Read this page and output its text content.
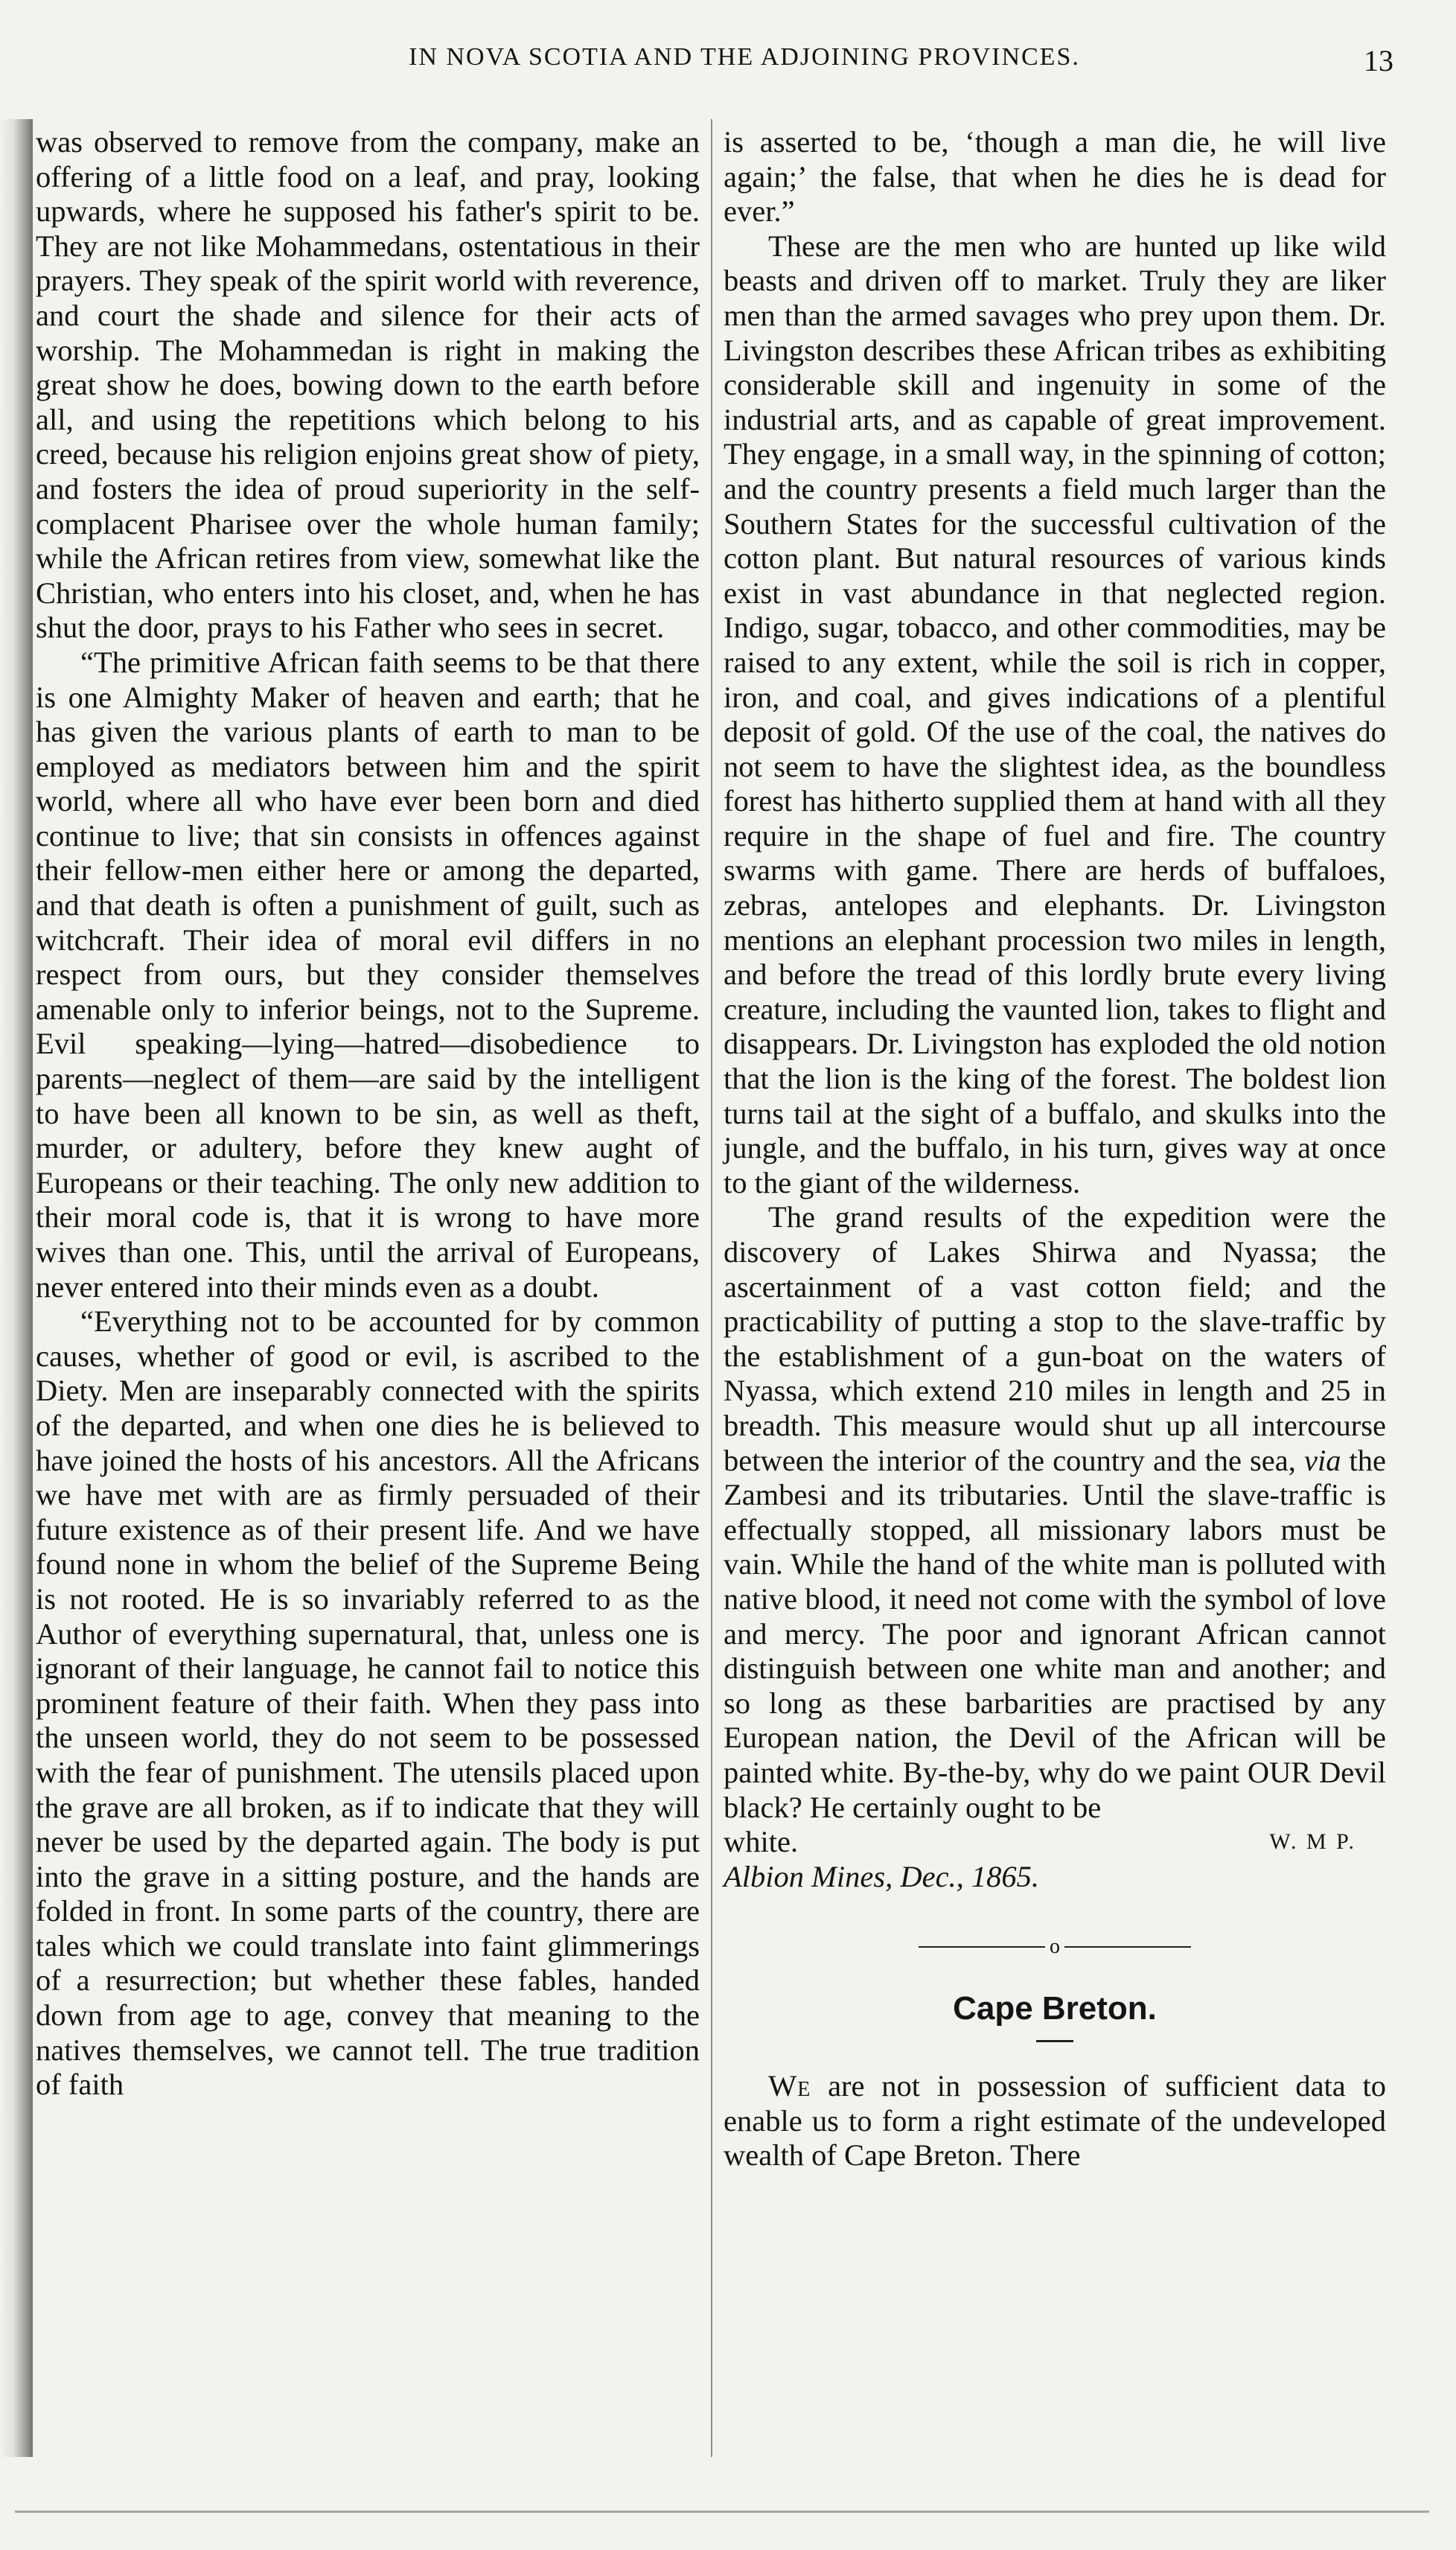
IN NOVA SCOTIA AND THE ADJOINING PROVINCES.	13

was observed to remove from the company, make an offering of a little food on a leaf, and pray, looking upwards, where he supposed his father's spirit to be. They are not like Mohammedans, ostentatious in their prayers. They speak of the spirit world with reverence, and court the shade and silence for their acts of worship. The Mohammedan is right in making the great show he does, bowing down to the earth before all, and using the repetitions which belong to his creed, because his religion enjoins great show of piety, and fosters the idea of proud superiority in the self-complacent Pharisee over the whole human family; while the African retires from view, somewhat like the Christian, who enters into his closet, and, when he has shut the door, prays to his Father who sees in secret.

“The primitive African faith seems to be that there is one Almighty Maker of heaven and earth; that he has given the various plants of earth to man to be employed as mediators between him and the spirit world, where all who have ever been born and died continue to live; that sin consists in offences against their fellow-men either here or among the departed, and that death is often a punishment of guilt, such as witchcraft. Their idea of moral evil differs in no respect from ours, but they consider themselves amenable only to inferior beings, not to the Supreme. Evil speaking—lying—hatred—disobedience to parents—neglect of them—are said by the intelligent to have been all known to be sin, as well as theft, murder, or adultery, before they knew aught of Europeans or their teaching. The only new addition to their moral code is, that it is wrong to have more wives than one. This, until the arrival of Europeans, never entered into their minds even as a doubt.

“Everything not to be accounted for by common causes, whether of good or evil, is ascribed to the Diety. Men are inseparably connected with the spirits of the departed, and when one dies he is believed to have joined the hosts of his ancestors. All the Africans we have met with are as firmly persuaded of their future existence as of their present life. And we have found none in whom the belief of the Supreme Being is not rooted. He is so invariably referred to as the Author of everything supernatural, that, unless one is ignorant of their language, he cannot fail to notice this prominent feature of their faith. When they pass into the unseen world, they do not seem to be possessed with the fear of punishment. The utensils placed upon the grave are all broken, as if to indicate that they will never be used by the departed again. The body is put into the grave in a sitting posture, and the hands are folded in front. In some parts of the country, there are tales which we could translate into faint glimmerings of a resurrection; but whether these fables, handed down from age to age, convey that meaning to the natives themselves, we cannot tell. The true tradition of faith

is asserted to be, ‘though a man die, he will live again;’ the false, that when he dies he is dead for ever.”

These are the men who are hunted up like wild beasts and driven off to market. Truly they are liker men than the armed savages who prey upon them. Dr. Livingston describes these African tribes as exhibiting considerable skill and ingenuity in some of the industrial arts, and as capable of great improvement. They engage, in a small way, in the spinning of cotton; and the country presents a field much larger than the Southern States for the successful cultivation of the cotton plant. But natural resources of various kinds exist in vast abundance in that neglected region. Indigo, sugar, tobacco, and other commodities, may be raised to any extent, while the soil is rich in copper, iron, and coal, and gives indications of a plentiful deposit of gold. Of the use of the coal, the natives do not seem to have the slightest idea, as the boundless forest has hitherto supplied them at hand with all they require in the shape of fuel and fire. The country swarms with game. There are herds of buffaloes, zebras, antelopes and elephants. Dr. Livingston mentions an elephant procession two miles in length, and before the tread of this lordly brute every living creature, including the vaunted lion, takes to flight and disappears. Dr. Livingston has exploded the old notion that the lion is the king of the forest. The boldest lion turns tail at the sight of a buffalo, and skulks into the jungle, and the buffalo, in his turn, gives way at once to the giant of the wilderness.

The grand results of the expedition were the discovery of Lakes Shirwa and Nyassa; the ascertainment of a vast cotton field; and the practicability of putting a stop to the slave-traffic by the establishment of a gun-boat on the waters of Nyassa, which extend 210 miles in length and 25 in breadth. This measure would shut up all intercourse between the interior of the country and the sea, via the Zambesi and its tributaries. Until the slave-traffic is effectually stopped, all missionary labors must be vain. While the hand of the white man is polluted with native blood, it need not come with the symbol of love and mercy. The poor and ignorant African cannot distinguish between one white man and another; and so long as these barbarities are practised by any European nation, the Devil of the African will be painted white. By-the-by, why do we paint OUR Devil black? He certainly ought to be

white.	W. M P.

Albion Mines, Dec., 1865.

o
Cape Breton.

We are not in possession of sufficient data to enable us to form a right estimate of the undeveloped wealth of Cape Breton. There
